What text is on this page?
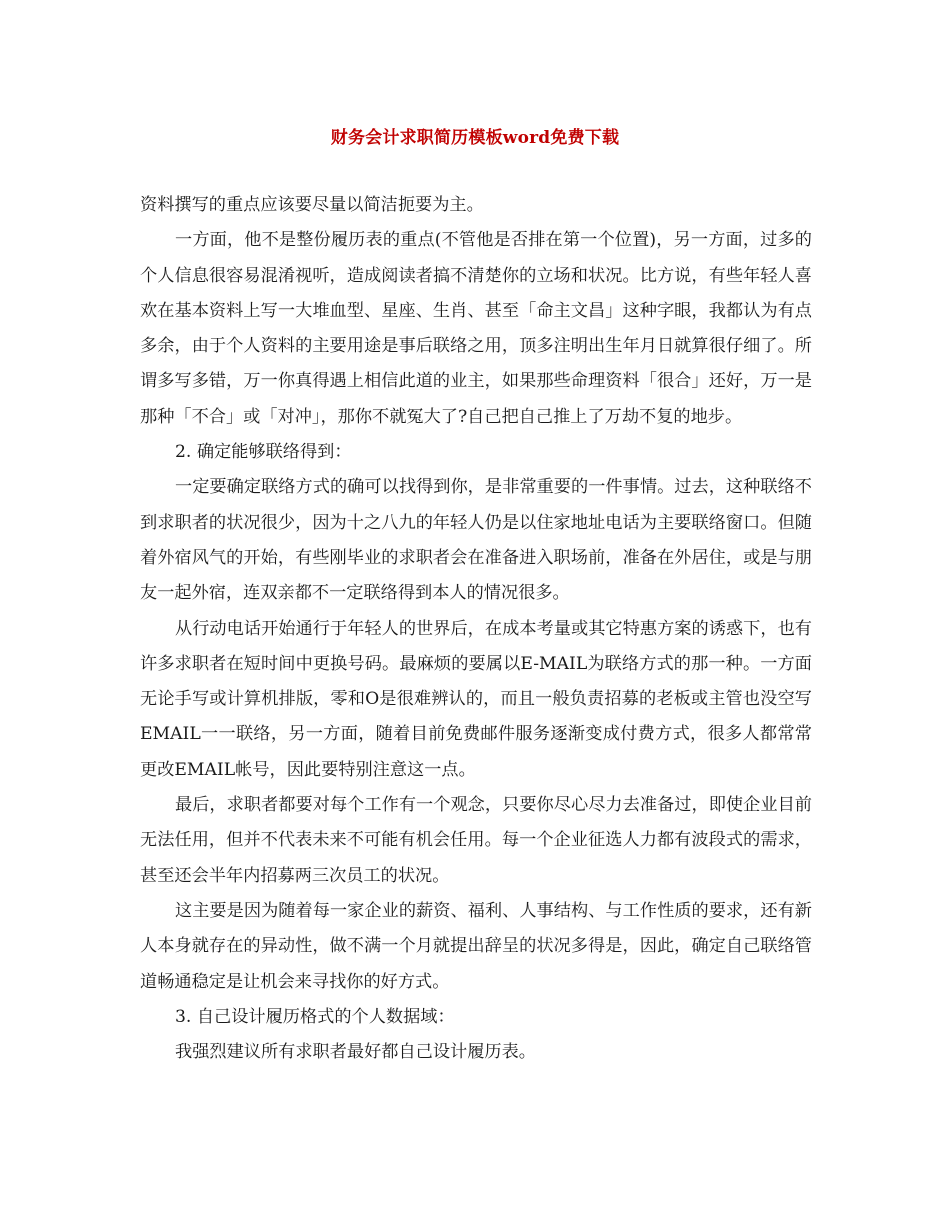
财务会计求职简历模板word免费下载

资料撰写的重点应该要尽量以简洁扼要为主。

一方面，他不是整份履历表的重点(不管他是否排在第一个位置)，另一方面，过多的个人信息很容易混淆视听，造成阅读者搞不清楚你的立场和状况。比方说，有些年轻人喜欢在基本资料上写一大堆血型、星座、生肖、甚至「命主文昌」这种字眼，我都认为有点多余，由于个人资料的主要用途是事后联络之用，顶多注明出生年月日就算很仔细了。所谓多写多错，万一你真得遇上相信此道的业主，如果那些命理资料「很合」还好，万一是那种「不合」或「对冲」，那你不就冤大了?自己把自己推上了万劫不复的地步。

2. 确定能够联络得到：

一定要确定联络方式的确可以找得到你，是非常重要的一件事情。过去，这种联络不到求职者的状况很少，因为十之八九的年轻人仍是以住家地址电话为主要联络窗口。但随着外宿风气的开始，有些刚毕业的求职者会在准备进入职场前，准备在外居住，或是与朋友一起外宿，连双亲都不一定联络得到本人的情况很多。

从行动电话开始通行于年轻人的世界后，在成本考量或其它特惠方案的诱惑下，也有许多求职者在短时间中更换号码。最麻烦的要属以E-MAIL为联络方式的那一种。一方面无论手写或计算机排版，零和O是很难辨认的，而且一般负责招募的老板或主管也没空写EMAIL一一联络，另一方面，随着目前免费邮件服务逐渐变成付费方式，很多人都常常更改EMAIL帐号，因此要特别注意这一点。

最后，求职者都要对每个工作有一个观念，只要你尽心尽力去准备过，即使企业目前无法任用，但并不代表未来不可能有机会任用。每一个企业征选人力都有波段式的需求，甚至还会半年内招募两三次员工的状况。

这主要是因为随着每一家企业的薪资、福利、人事结构、与工作性质的要求，还有新人本身就存在的异动性，做不满一个月就提出辞呈的状况多得是，因此，确定自己联络管道畅通稳定是让机会来寻找你的好方式。

3. 自己设计履历格式的个人数据域：

我强烈建议所有求职者最好都自己设计履历表。
